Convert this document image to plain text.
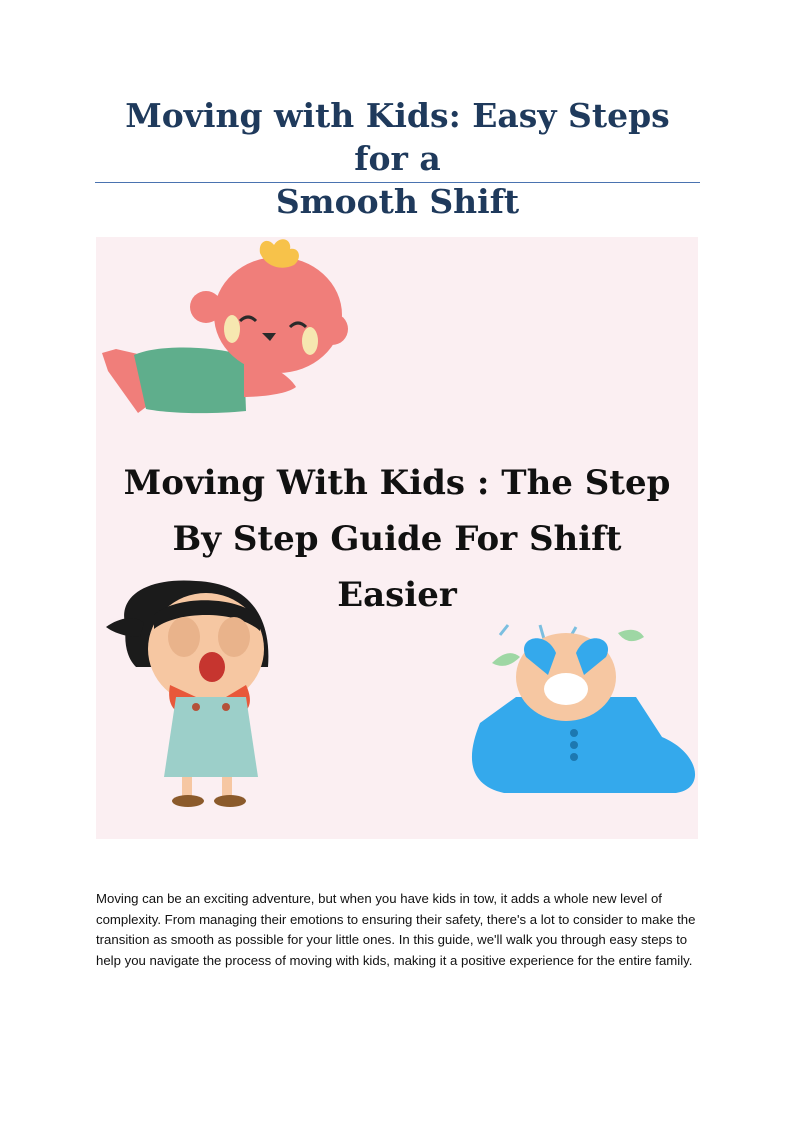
Moving with Kids: Easy Steps for a
Smooth Shift

Moving With Kids : The Step

By Step Guide For Shift

Easier

Moving can be an exciting adventure, but when you have kids in tow, it adds a whole new level of complexity. From managing their emotions to ensuring their safety, there's a lot to consider to make the transition as smooth as possible for your little ones. In this guide, we'll walk you through easy steps to help you navigate the process of moving with kids, making it a positive experience for the entire family.
